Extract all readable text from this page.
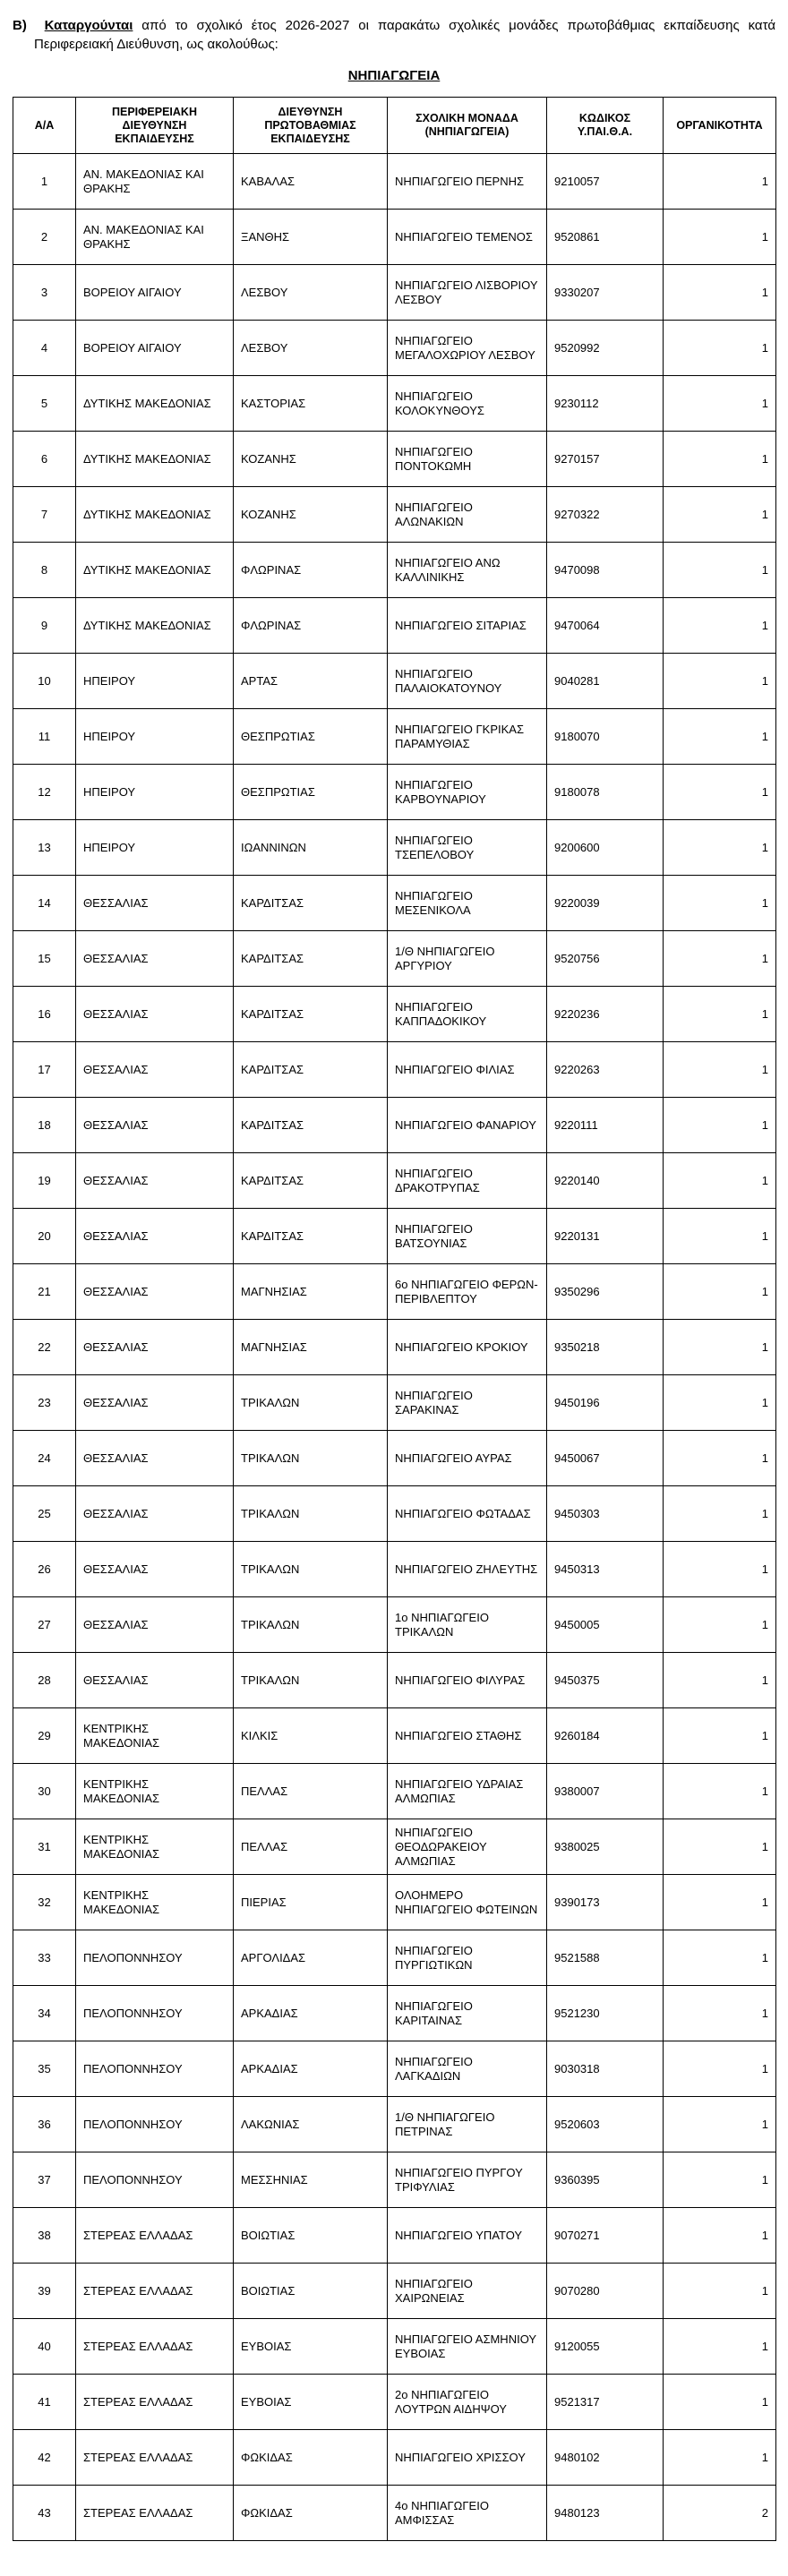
Β) Καταργούνται από το σχολικό έτος 2026-2027 οι παρακάτω σχολικές μονάδες πρωτοβάθμιας εκπαίδευσης κατά Περιφερειακή Διεύθυνση, ως ακολούθως:
ΝΗΠΙΑΓΩΓΕΙΑ
Α/Α	ΠΕΡΙΦΕΡΕΙΑΚΗ ΔΙΕΥΘΥΝΣΗ ΕΚΠΑΙΔΕΥΣΗΣ	ΔΙΕΥΘΥΝΣΗ ΠΡΩΤΟΒΑΘΜΙΑΣ ΕΚΠΑΙΔΕΥΣΗΣ	ΣΧΟΛΙΚΗ ΜΟΝΑΔΑ (ΝΗΠΙΑΓΩΓΕΙΑ)	ΚΩΔΙΚΟΣ Υ.ΠΑΙ.Θ.Α.	ΟΡΓΑΝΙΚΟΤΗΤΑ
1	ΑΝ. ΜΑΚΕΔΟΝΙΑΣ ΚΑΙ ΘΡΑΚΗΣ	ΚΑΒΑΛΑΣ	ΝΗΠΙΑΓΩΓΕΙΟ ΠΕΡΝΗΣ	9210057	1
2	ΑΝ. ΜΑΚΕΔΟΝΙΑΣ ΚΑΙ ΘΡΑΚΗΣ	ΞΑΝΘΗΣ	ΝΗΠΙΑΓΩΓΕΙΟ ΤΕΜΕΝΟΣ	9520861	1
3	ΒΟΡΕΙΟΥ ΑΙΓΑΙΟΥ	ΛΕΣΒΟΥ	ΝΗΠΙΑΓΩΓΕΙΟ ΛΙΣΒΟΡΙΟΥ ΛΕΣΒΟΥ	9330207	1
4	ΒΟΡΕΙΟΥ ΑΙΓΑΙΟΥ	ΛΕΣΒΟΥ	ΝΗΠΙΑΓΩΓΕΙΟ ΜΕΓΑΛΟΧΩΡΙΟΥ ΛΕΣΒΟΥ	9520992	1
5	ΔΥΤΙΚΗΣ ΜΑΚΕΔΟΝΙΑΣ	ΚΑΣΤΟΡΙΑΣ	ΝΗΠΙΑΓΩΓΕΙΟ ΚΟΛΟΚΥΝΘΟΥΣ	9230112	1
6	ΔΥΤΙΚΗΣ ΜΑΚΕΔΟΝΙΑΣ	ΚΟΖΑΝΗΣ	ΝΗΠΙΑΓΩΓΕΙΟ ΠΟΝΤΟΚΩΜΗ	9270157	1
7	ΔΥΤΙΚΗΣ ΜΑΚΕΔΟΝΙΑΣ	ΚΟΖΑΝΗΣ	ΝΗΠΙΑΓΩΓΕΙΟ ΑΛΩΝΑΚΙΩΝ	9270322	1
8	ΔΥΤΙΚΗΣ ΜΑΚΕΔΟΝΙΑΣ	ΦΛΩΡΙΝΑΣ	ΝΗΠΙΑΓΩΓΕΙΟ ΑΝΩ ΚΑΛΛΙΝΙΚΗΣ	9470098	1
9	ΔΥΤΙΚΗΣ ΜΑΚΕΔΟΝΙΑΣ	ΦΛΩΡΙΝΑΣ	ΝΗΠΙΑΓΩΓΕΙΟ ΣΙΤΑΡΙΑΣ	9470064	1
10	ΗΠΕΙΡΟΥ	ΑΡΤΑΣ	ΝΗΠΙΑΓΩΓΕΙΟ ΠΑΛΑΙΟΚΑΤΟΥΝΟΥ	9040281	1
11	ΗΠΕΙΡΟΥ	ΘΕΣΠΡΩΤΙΑΣ	ΝΗΠΙΑΓΩΓΕΙΟ ΓΚΡΙΚΑΣ ΠΑΡΑΜΥΘΙΑΣ	9180070	1
12	ΗΠΕΙΡΟΥ	ΘΕΣΠΡΩΤΙΑΣ	ΝΗΠΙΑΓΩΓΕΙΟ ΚΑΡΒΟΥΝΑΡΙΟΥ	9180078	1
13	ΗΠΕΙΡΟΥ	ΙΩΑΝΝΙΝΩΝ	ΝΗΠΙΑΓΩΓΕΙΟ ΤΣΕΠΕΛΟΒΟΥ	9200600	1
14	ΘΕΣΣΑΛΙΑΣ	ΚΑΡΔΙΤΣΑΣ	ΝΗΠΙΑΓΩΓΕΙΟ ΜΕΣΕΝΙΚΟΛΑ	9220039	1
15	ΘΕΣΣΑΛΙΑΣ	ΚΑΡΔΙΤΣΑΣ	1/Θ ΝΗΠΙΑΓΩΓΕΙΟ ΑΡΓΥΡΙΟΥ	9520756	1
16	ΘΕΣΣΑΛΙΑΣ	ΚΑΡΔΙΤΣΑΣ	ΝΗΠΙΑΓΩΓΕΙΟ ΚΑΠΠΑΔΟΚΙΚΟΥ	9220236	1
17	ΘΕΣΣΑΛΙΑΣ	ΚΑΡΔΙΤΣΑΣ	ΝΗΠΙΑΓΩΓΕΙΟ ΦΙΛΙΑΣ	9220263	1
18	ΘΕΣΣΑΛΙΑΣ	ΚΑΡΔΙΤΣΑΣ	ΝΗΠΙΑΓΩΓΕΙΟ ΦΑΝΑΡΙΟΥ	9220111	1
19	ΘΕΣΣΑΛΙΑΣ	ΚΑΡΔΙΤΣΑΣ	ΝΗΠΙΑΓΩΓΕΙΟ ΔΡΑΚΟΤΡΥΠΑΣ	9220140	1
20	ΘΕΣΣΑΛΙΑΣ	ΚΑΡΔΙΤΣΑΣ	ΝΗΠΙΑΓΩΓΕΙΟ ΒΑΤΣΟΥΝΙΑΣ	9220131	1
21	ΘΕΣΣΑΛΙΑΣ	ΜΑΓΝΗΣΙΑΣ	6ο ΝΗΠΙΑΓΩΓΕΙΟ ΦΕΡΩΝ-ΠΕΡΙΒΛΕΠΤΟΥ	9350296	1
22	ΘΕΣΣΑΛΙΑΣ	ΜΑΓΝΗΣΙΑΣ	ΝΗΠΙΑΓΩΓΕΙΟ ΚΡΟΚΙΟΥ	9350218	1
23	ΘΕΣΣΑΛΙΑΣ	ΤΡΙΚΑΛΩΝ	ΝΗΠΙΑΓΩΓΕΙΟ ΣΑΡΑΚΙΝΑΣ	9450196	1
24	ΘΕΣΣΑΛΙΑΣ	ΤΡΙΚΑΛΩΝ	ΝΗΠΙΑΓΩΓΕΙΟ ΑΥΡΑΣ	9450067	1
25	ΘΕΣΣΑΛΙΑΣ	ΤΡΙΚΑΛΩΝ	ΝΗΠΙΑΓΩΓΕΙΟ ΦΩΤΑΔΑΣ	9450303	1
26	ΘΕΣΣΑΛΙΑΣ	ΤΡΙΚΑΛΩΝ	ΝΗΠΙΑΓΩΓΕΙΟ ΖΗΛΕΥΤΗΣ	9450313	1
27	ΘΕΣΣΑΛΙΑΣ	ΤΡΙΚΑΛΩΝ	1ο ΝΗΠΙΑΓΩΓΕΙΟ ΤΡΙΚΑΛΩΝ	9450005	1
28	ΘΕΣΣΑΛΙΑΣ	ΤΡΙΚΑΛΩΝ	ΝΗΠΙΑΓΩΓΕΙΟ ΦΙΛΥΡΑΣ	9450375	1
29	ΚΕΝΤΡΙΚΗΣ ΜΑΚΕΔΟΝΙΑΣ	ΚΙΛΚΙΣ	ΝΗΠΙΑΓΩΓΕΙΟ ΣΤΑΘΗΣ	9260184	1
30	ΚΕΝΤΡΙΚΗΣ ΜΑΚΕΔΟΝΙΑΣ	ΠΕΛΛΑΣ	ΝΗΠΙΑΓΩΓΕΙΟ ΥΔΡΑΙΑΣ ΑΛΜΩΠΙΑΣ	9380007	1
31	ΚΕΝΤΡΙΚΗΣ ΜΑΚΕΔΟΝΙΑΣ	ΠΕΛΛΑΣ	ΝΗΠΙΑΓΩΓΕΙΟ ΘΕΟΔΩΡΑΚΕΙΟΥ ΑΛΜΩΠΙΑΣ	9380025	1
32	ΚΕΝΤΡΙΚΗΣ ΜΑΚΕΔΟΝΙΑΣ	ΠΙΕΡΙΑΣ	ΟΛΟΗΜΕΡΟ ΝΗΠΙΑΓΩΓΕΙΟ ΦΩΤΕΙΝΩΝ	9390173	1
33	ΠΕΛΟΠΟΝΝΗΣΟΥ	ΑΡΓΟΛΙΔΑΣ	ΝΗΠΙΑΓΩΓΕΙΟ ΠΥΡΓΙΩΤΙΚΩΝ	9521588	1
34	ΠΕΛΟΠΟΝΝΗΣΟΥ	ΑΡΚΑΔΙΑΣ	ΝΗΠΙΑΓΩΓΕΙΟ ΚΑΡΙΤΑΙΝΑΣ	9521230	1
35	ΠΕΛΟΠΟΝΝΗΣΟΥ	ΑΡΚΑΔΙΑΣ	ΝΗΠΙΑΓΩΓΕΙΟ ΛΑΓΚΑΔΙΩΝ	9030318	1
36	ΠΕΛΟΠΟΝΝΗΣΟΥ	ΛΑΚΩΝΙΑΣ	1/Θ ΝΗΠΙΑΓΩΓΕΙΟ ΠΕΤΡΙΝΑΣ	9520603	1
37	ΠΕΛΟΠΟΝΝΗΣΟΥ	ΜΕΣΣΗΝΙΑΣ	ΝΗΠΙΑΓΩΓΕΙΟ ΠΥΡΓΟΥ ΤΡΙΦΥΛΙΑΣ	9360395	1
38	ΣΤΕΡΕΑΣ ΕΛΛΑΔΑΣ	ΒΟΙΩΤΙΑΣ	ΝΗΠΙΑΓΩΓΕΙΟ ΥΠΑΤΟΥ	9070271	1
39	ΣΤΕΡΕΑΣ ΕΛΛΑΔΑΣ	ΒΟΙΩΤΙΑΣ	ΝΗΠΙΑΓΩΓΕΙΟ ΧΑΙΡΩΝΕΙΑΣ	9070280	1
40	ΣΤΕΡΕΑΣ ΕΛΛΑΔΑΣ	ΕΥΒΟΙΑΣ	ΝΗΠΙΑΓΩΓΕΙΟ ΑΣΜΗΝΙΟΥ ΕΥΒΟΙΑΣ	9120055	1
41	ΣΤΕΡΕΑΣ ΕΛΛΑΔΑΣ	ΕΥΒΟΙΑΣ	2ο ΝΗΠΙΑΓΩΓΕΙΟ ΛΟΥΤΡΩΝ ΑΙΔΗΨΟΥ	9521317	1
42	ΣΤΕΡΕΑΣ ΕΛΛΑΔΑΣ	ΦΩΚΙΔΑΣ	ΝΗΠΙΑΓΩΓΕΙΟ ΧΡΙΣΣΟΥ	9480102	1
43	ΣΤΕΡΕΑΣ ΕΛΛΑΔΑΣ	ΦΩΚΙΔΑΣ	4ο ΝΗΠΙΑΓΩΓΕΙΟ ΑΜΦΙΣΣΑΣ	9480123	2
